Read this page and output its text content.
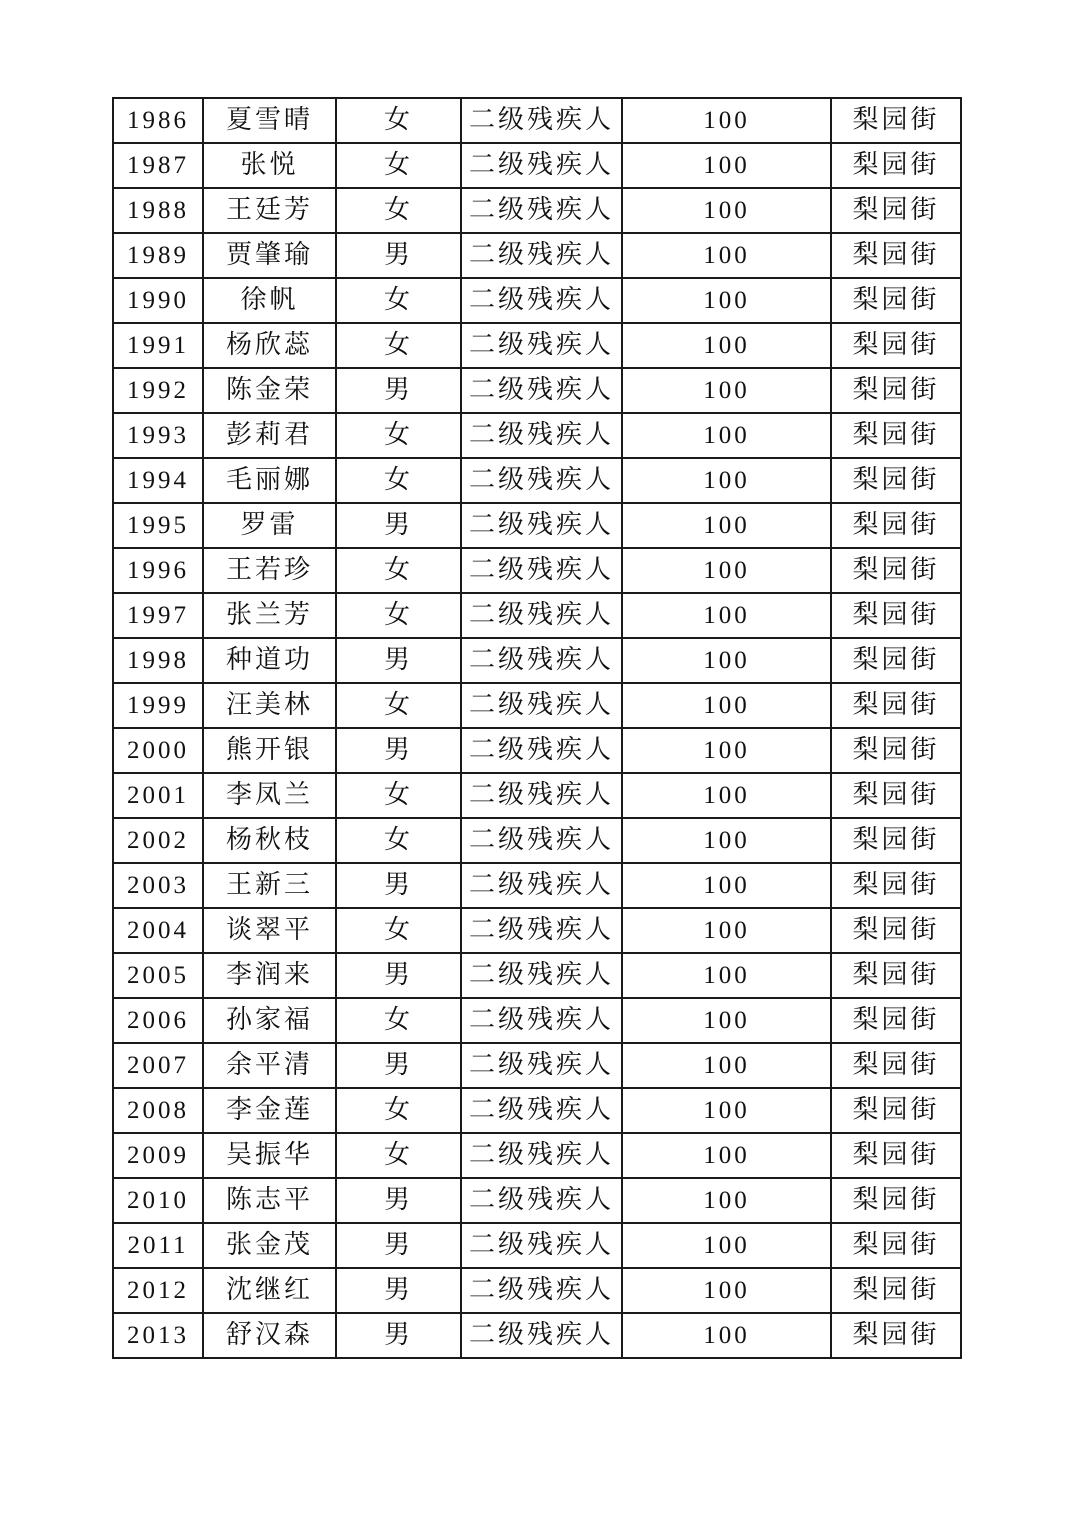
1986	夏雪晴	女	二级残疾人	100	梨园街
1987	张悦	女	二级残疾人	100	梨园街
1988	王廷芳	女	二级残疾人	100	梨园街
1989	贾肇瑜	男	二级残疾人	100	梨园街
1990	徐帆	女	二级残疾人	100	梨园街
1991	杨欣蕊	女	二级残疾人	100	梨园街
1992	陈金荣	男	二级残疾人	100	梨园街
1993	彭莉君	女	二级残疾人	100	梨园街
1994	毛丽娜	女	二级残疾人	100	梨园街
1995	罗雷	男	二级残疾人	100	梨园街
1996	王若珍	女	二级残疾人	100	梨园街
1997	张兰芳	女	二级残疾人	100	梨园街
1998	种道功	男	二级残疾人	100	梨园街
1999	汪美林	女	二级残疾人	100	梨园街
2000	熊开银	男	二级残疾人	100	梨园街
2001	李凤兰	女	二级残疾人	100	梨园街
2002	杨秋枝	女	二级残疾人	100	梨园街
2003	王新三	男	二级残疾人	100	梨园街
2004	谈翠平	女	二级残疾人	100	梨园街
2005	李润来	男	二级残疾人	100	梨园街
2006	孙家福	女	二级残疾人	100	梨园街
2007	余平清	男	二级残疾人	100	梨园街
2008	李金莲	女	二级残疾人	100	梨园街
2009	吴振华	女	二级残疾人	100	梨园街
2010	陈志平	男	二级残疾人	100	梨园街
2011	张金茂	男	二级残疾人	100	梨园街
2012	沈继红	男	二级残疾人	100	梨园街
2013	舒汉森	男	二级残疾人	100	梨园街
